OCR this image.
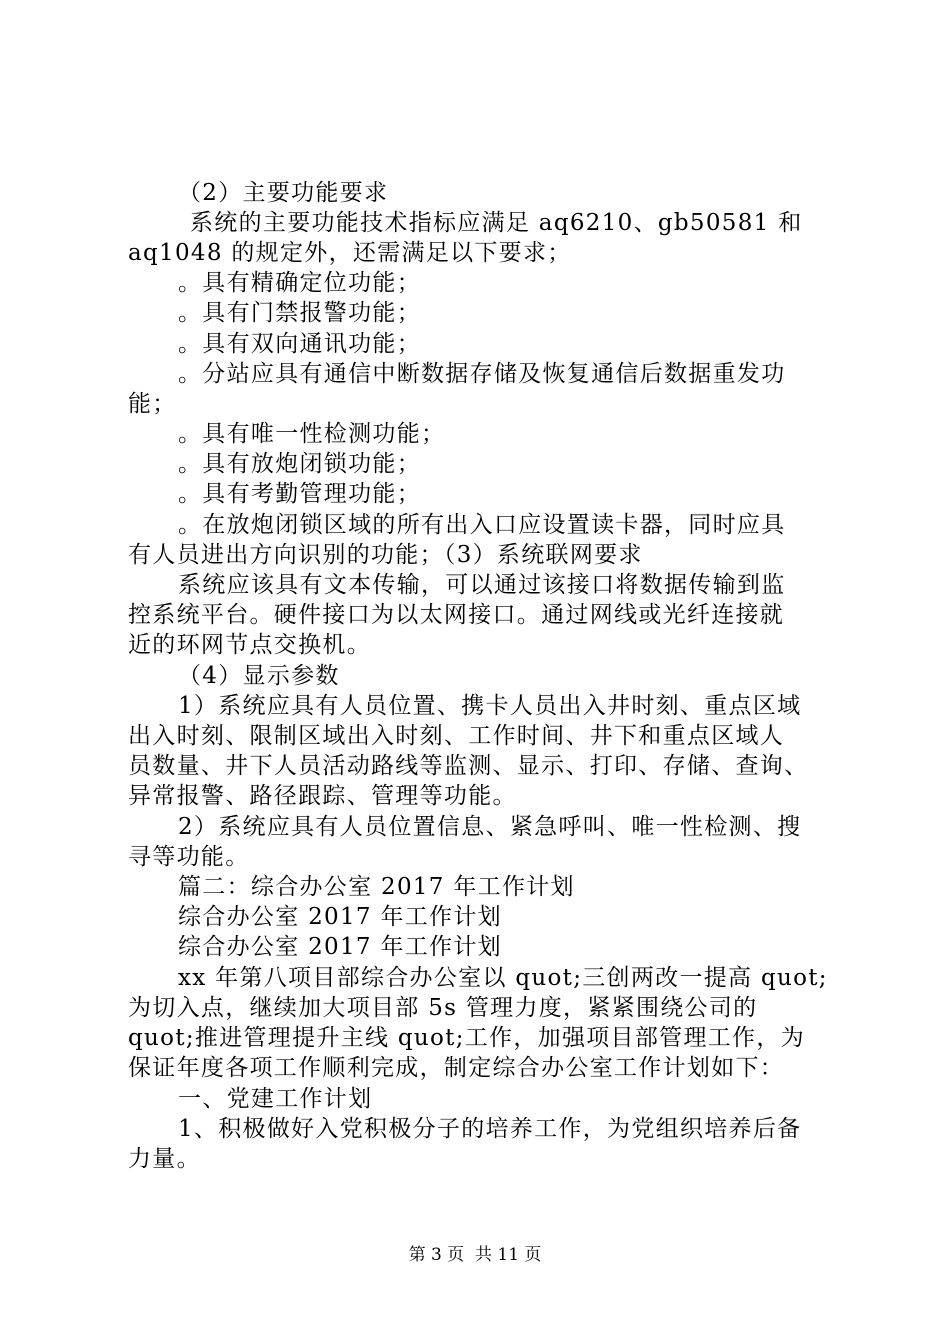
（2）主要功能要求
系统的主要功能技术指标应满足 aq6210、gb50581 和
aq1048 的规定外，还需满足以下要求；
。具有精确定位功能；
。具有门禁报警功能；
。具有双向通讯功能；
。分站应具有通信中断数据存储及恢复通信后数据重发功
能；
。具有唯一性检测功能；
。具有放炮闭锁功能；
。具有考勤管理功能；
。在放炮闭锁区域的所有出入口应设置读卡器，同时应具
有人员进出方向识别的功能；（3）系统联网要求
系统应该具有文本传输，可以通过该接口将数据传输到监
控系统平台。硬件接口为以太网接口。通过网线或光纤连接就
近的环网节点交换机。
（4）显示参数
1）系统应具有人员位置、携卡人员出入井时刻、重点区域
出入时刻、限制区域出入时刻、工作时间、井下和重点区域人
员数量、井下人员活动路线等监测、显示、打印、存储、查询、
异常报警、路径跟踪、管理等功能。
2）系统应具有人员位置信息、紧急呼叫、唯一性检测、搜
寻等功能。
篇二：综合办公室 2017 年工作计划
综合办公室 2017 年工作计划
综合办公室 2017 年工作计划
xx 年第八项目部综合办公室以 quot;三创两改一提高 quot;
为切入点，继续加大项目部 5s 管理力度，紧紧围绕公司的
quot;推进管理提升主线 quot;工作，加强项目部管理工作，为
保证年度各项工作顺利完成，制定综合办公室工作计划如下：
一、党建工作计划
1、积极做好入党积极分子的培养工作，为党组织培养后备
力量。
第 3 页  共 11 页
